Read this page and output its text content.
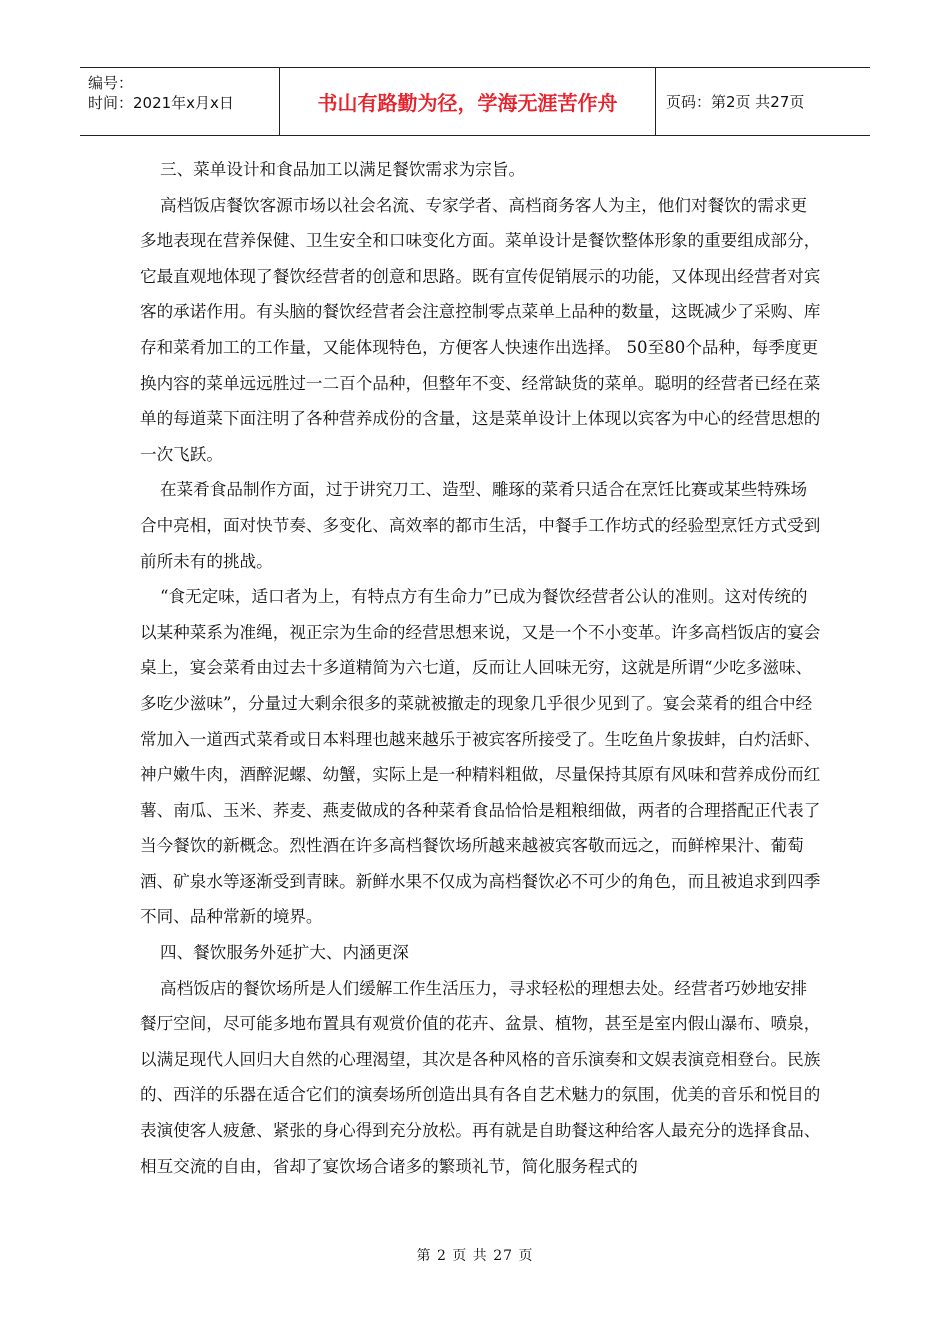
编号：
时间：2021年x月x日	书山有路勤为径，学海无涯苦作舟	页码：第2页 共27页

三、菜单设计和食品加工以满足餐饮需求为宗旨。

高档饭店餐饮客源市场以社会名流、专家学者、高档商务客人为主，他们对餐饮的需求更多地表现在营养保健、卫生安全和口味变化方面。菜单设计是餐饮整体形象的重要组成部分，它最直观地体现了餐饮经营者的创意和思路。既有宣传促销展示的功能，又体现出经营者对宾客的承诺作用。有头脑的餐饮经营者会注意控制零点菜单上品种的数量，这既减少了采购、库存和菜肴加工的工作量，又能体现特色，方便客人快速作出选择。 50至80个品种，每季度更换内容的菜单远远胜过一二百个品种，但整年不变、经常缺货的菜单。聪明的经营者已经在菜单的每道菜下面注明了各种营养成份的含量，这是菜单设计上体现以宾客为中心的经营思想的一次飞跃。

在菜肴食品制作方面，过于讲究刀工、造型、雕琢的菜肴只适合在烹饪比赛或某些特殊场合中亮相，面对快节奏、多变化、高效率的都市生活，中餐手工作坊式的经验型烹饪方式受到前所未有的挑战。

“食无定味，适口者为上，有特点方有生命力”已成为餐饮经营者公认的准则。这对传统的以某种菜系为准绳，视正宗为生命的经营思想来说，又是一个不小变革。许多高档饭店的宴会桌上，宴会菜肴由过去十多道精简为六七道，反而让人回味无穷，这就是所谓“少吃多滋味、多吃少滋味”，分量过大剩余很多的菜就被撤走的现象几乎很少见到了。宴会菜肴的组合中经常加入一道西式菜肴或日本料理也越来越乐于被宾客所接受了。生吃鱼片象拔蚌，白灼活虾、神户嫩牛肉，酒醉泥螺、幼蟹，实际上是一种精料粗做，尽量保持其原有风味和营养成份而红薯、南瓜、玉米、荞麦、燕麦做成的各种菜肴食品恰恰是粗粮细做，两者的合理搭配正代表了当今餐饮的新概念。烈性酒在许多高档餐饮场所越来越被宾客敬而远之，而鲜榨果汁、葡萄酒、矿泉水等逐渐受到青睐。新鲜水果不仅成为高档餐饮必不可少的角色，而且被追求到四季不同、品种常新的境界。

四、餐饮服务外延扩大、内涵更深

高档饭店的餐饮场所是人们缓解工作生活压力，寻求轻松的理想去处。经营者巧妙地安排餐厅空间，尽可能多地布置具有观赏价值的花卉、盆景、植物，甚至是室内假山瀑布、喷泉，以满足现代人回归大自然的心理渴望，其次是各种风格的音乐演奏和文娱表演竞相登台。民族的、西洋的乐器在适合它们的演奏场所创造出具有各自艺术魅力的氛围，优美的音乐和悦目的表演使客人疲惫、紧张的身心得到充分放松。再有就是自助餐这种给客人最充分的选择食品、相互交流的自由，省却了宴饮场合诸多的繁琐礼节，简化服务程式的

第 2 页 共 27 页
